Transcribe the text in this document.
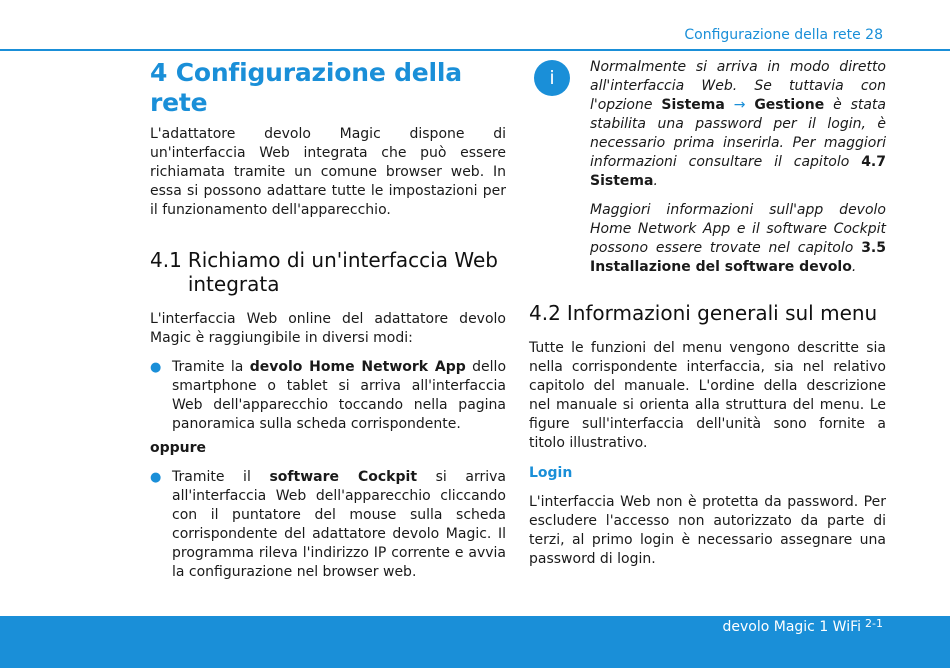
Configurazione della rete 28
4 Configurazione della rete

L'adattatore devolo Magic dispone di un'interfaccia Web integrata che può essere richiamata tramite un comune browser web. In essa si possono adattare tutte le impostazioni per il funzionamento dell'apparecchio.

4.1 Richiamo di un'interfaccia Web integrata

L'interfaccia Web online del adattatore devolo Magic è raggiungibile in diversi modi:

● Tramite la devolo Home Network App dello smartphone o tablet si arriva all'interfaccia Web dell'apparecchio toccando nella pagina panoramica sulla scheda corrispondente.

oppure

● Tramite il software Cockpit si arriva all'interfaccia Web dell'apparecchio cliccando con il puntatore del mouse sulla scheda corrispondente del adattatore devolo Magic. Il programma rileva l'indirizzo IP corrente e avvia la configurazione nel browser web.

i	Normalmente si arriva in modo diretto all'interfaccia Web. Se tuttavia con l'opzione Sistema → Gestione è stata stabilita una password per il login, è necessario prima inserirla. Per maggiori informazioni consultare il capitolo 4.7 Sistema.

Maggiori informazioni sull'app devolo Home Network App e il software Cockpit possono essere trovate nel capitolo 3.5 Installazione del software devolo.

4.2 Informazioni generali sul menu

Tutte le funzioni del menu vengono descritte sia nella corrispondente interfaccia, sia nel relativo capitolo del manuale. L'ordine della descrizione nel manuale si orienta alla struttura del menu. Le figure sull'interfaccia dell'unità sono fornite a titolo illustrativo.

Login

L'interfaccia Web non è protetta da password. Per escludere l'accesso non autorizzato da parte di terzi, al primo login è necessario assegnare una password di login.

devolo Magic 1 WiFi $^{2-1}$
